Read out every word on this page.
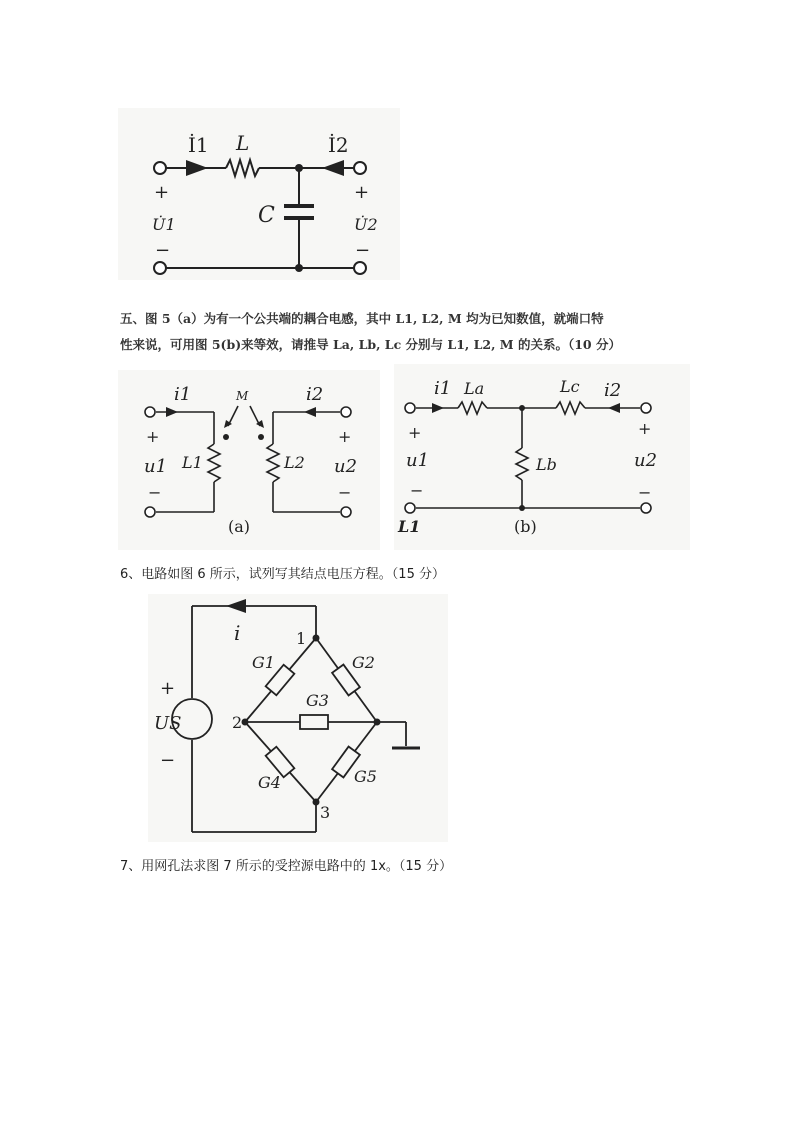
İ1 L	İ2
C
+	+
U̇1	U̇2
−	−
五、图 5（a）为有一个公共端的耦合电感，其中 L1, L2, M 均为已知数值，就端口特
性来说，可用图 5(b)来等效，请推导 La, Lb, Lc 分别与 L1, L2, M 的关系。（10 分）
i1	i2
M
+	+
u1	u2
L1	L2
−	−
(a)
i1 La	Lc i2
Lb
+	+
u1	u2
−	−
L1	(b)

6、电路如图 6 所示，试列写其结点电压方程。（15 分）

i	1
2
3
G1	G2
G3
G4	G5
+
US
−

7、用网孔法求图 7 所示的受控源电路中的 1x。（15 分）
